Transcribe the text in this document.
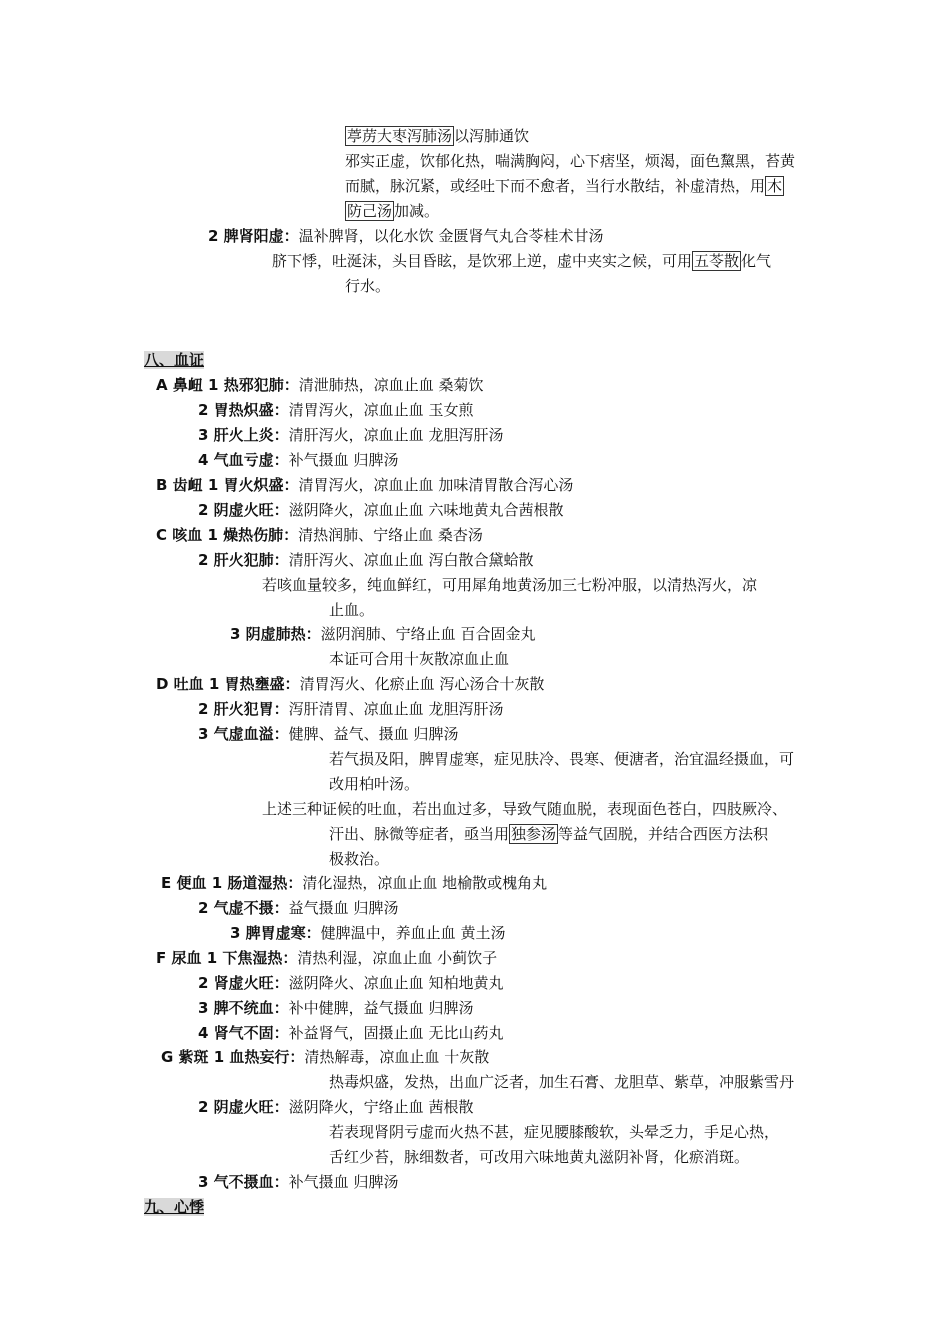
葶苈大枣泻肺汤 以泻肺通饮
邪实正虚，饮郁化热，喘满胸闷，心下痞坚，烦渴，面色黧黑，苔黄
而腻，脉沉紧，或经吐下而不愈者，当行水散结，补虚清热，用 木
防己汤 加减。
2 脾肾阳虚：温补脾肾，以化水饮 金匮肾气丸合苓桂术甘汤
脐下悸，吐涎沫，头目昏眩，是饮邪上逆，虚中夹实之候，可用 五苓散 化气
行水。
八、血证
A 鼻衄 1 热邪犯肺：清泄肺热，凉血止血 桑菊饮
2 胃热炽盛：清胃泻火，凉血止血 玉女煎
3 肝火上炎：清肝泻火，凉血止血 龙胆泻肝汤
4 气血亏虚：补气摄血 归脾汤
B 齿衄 1 胃火炽盛：清胃泻火，凉血止血 加味清胃散合泻心汤
2 阴虚火旺：滋阴降火，凉血止血 六味地黄丸合茜根散
C 咳血 1 燥热伤肺：清热润肺、宁络止血 桑杏汤
2 肝火犯肺：清肝泻火、凉血止血 泻白散合黛蛤散
若咳血量较多，纯血鲜红，可用犀角地黄汤加三七粉冲服，以清热泻火，凉
止血。
3 阴虚肺热：滋阴润肺、宁络止血 百合固金丸
本证可合用十灰散凉血止血
D 吐血 1 胃热壅盛：清胃泻火、化瘀止血 泻心汤合十灰散
2 肝火犯胃：泻肝清胃、凉血止血 龙胆泻肝汤
3 气虚血溢：健脾、益气、摄血 归脾汤
若气损及阳，脾胃虚寒，症见肤冷、畏寒、便溏者，治宜温经摄血，可
改用柏叶汤。
上述三种证候的吐血，若出血过多，导致气随血脱，表现面色苍白，四肢厥冷、
汗出、脉微等症者，亟当用 独参汤 等益气固脱，并结合西医方法积
极救治。
E 便血 1 肠道湿热：清化湿热，凉血止血 地榆散或槐角丸
2 气虚不摄：益气摄血 归脾汤
3 脾胃虚寒：健脾温中，养血止血 黄土汤
F 尿血 1 下焦湿热：清热利湿，凉血止血 小蓟饮子
2 肾虚火旺：滋阴降火、凉血止血 知柏地黄丸
3 脾不统血：补中健脾，益气摄血 归脾汤
4 肾气不固：补益肾气，固摄止血 无比山药丸
G 紫斑 1 血热妄行：清热解毒，凉血止血 十灰散
热毒炽盛，发热，出血广泛者，加生石膏、龙胆草、紫草，冲服紫雪丹
2 阴虚火旺：滋阴降火，宁络止血 茜根散
若表现肾阴亏虚而火热不甚，症见腰膝酸软，头晕乏力，手足心热，
舌红少苔，脉细数者，可改用六味地黄丸滋阴补肾，化瘀消斑。
3 气不摄血：补气摄血 归脾汤
九、心悸
